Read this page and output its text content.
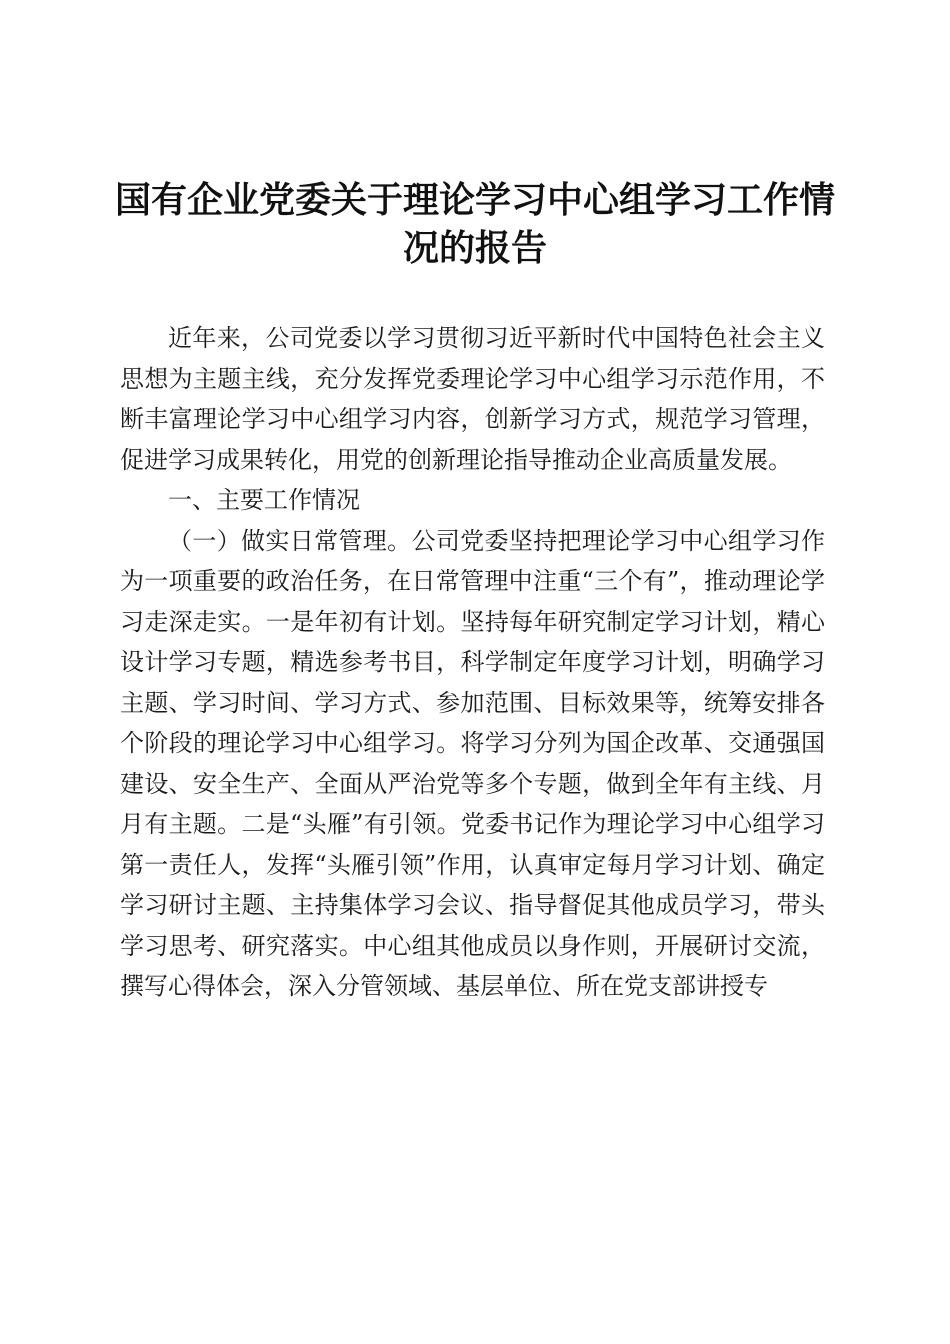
国有企业党委关于理论学习中心组学习工作情况的报告

近年来，公司党委以学习贯彻习近平新时代中国特色社会主义思想为主题主线，充分发挥党委理论学习中心组学习示范作用，不断丰富理论学习中心组学习内容，创新学习方式，规范学习管理，促进学习成果转化，用党的创新理论指导推动企业高质量发展。

一、主要工作情况

（一）做实日常管理。公司党委坚持把理论学习中心组学习作为一项重要的政治任务，在日常管理中注重“三个有”，推动理论学习走深走实。一是年初有计划。坚持每年研究制定学习计划，精心设计学习专题，精选参考书目，科学制定年度学习计划，明确学习主题、学习时间、学习方式、参加范围、目标效果等，统筹安排各个阶段的理论学习中心组学习。将学习分列为国企改革、交通强国建设、安全生产、全面从严治党等多个专题，做到全年有主线、月月有主题。二是“头雁”有引领。党委书记作为理论学习中心组学习第一责任人，发挥“头雁引领”作用，认真审定每月学习计划、确定学习研讨主题、主持集体学习会议、指导督促其他成员学习，带头学习思考、研究落实。中心组其他成员以身作则，开展研讨交流，撰写心得体会，深入分管领域、基层单位、所在党支部讲授专
